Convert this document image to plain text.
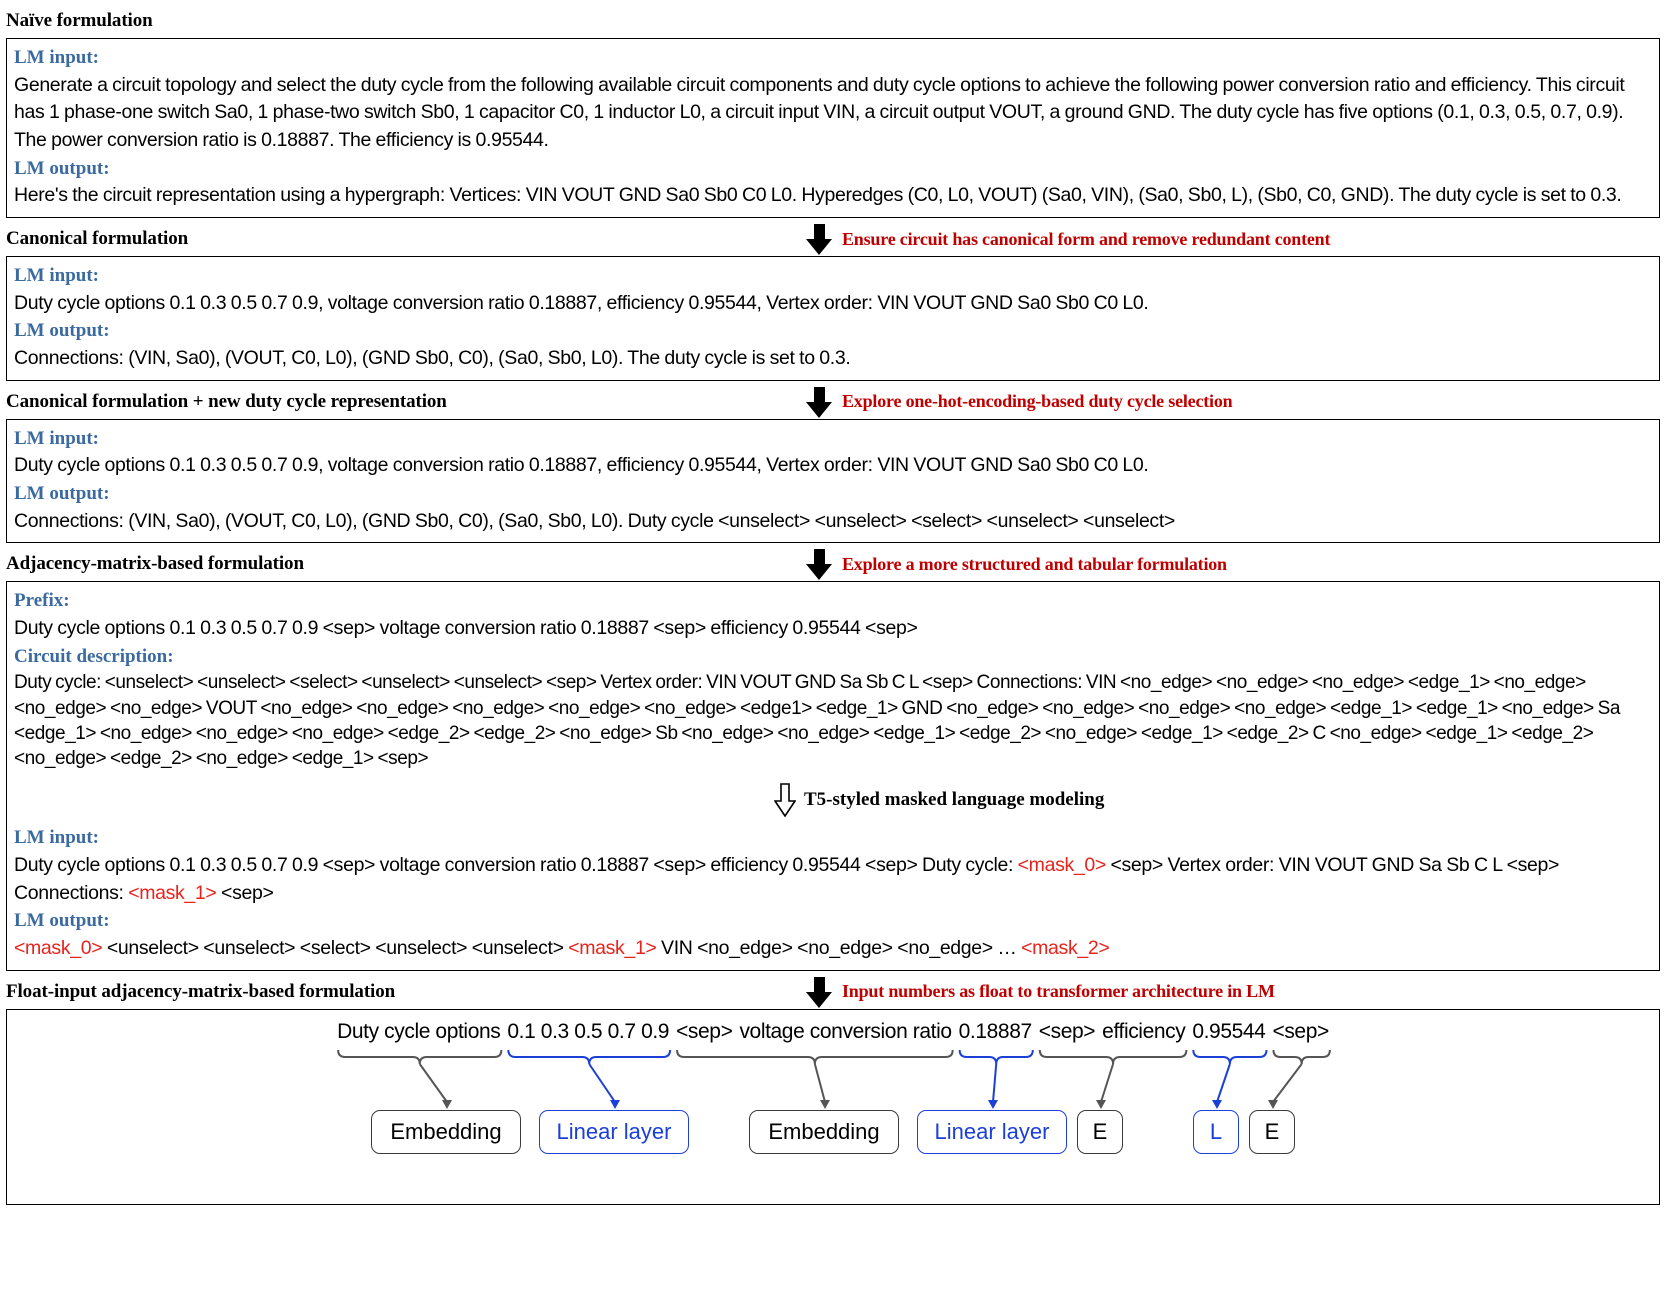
Naïve formulation
LM input:
Generate a circuit topology and select the duty cycle from the following available circuit components and duty cycle options to achieve the following power conversion ratio and efficiency. This circuit has 1 phase-one switch Sa0, 1 phase-two switch Sb0, 1 capacitor C0, 1 inductor L0, a circuit input VIN, a circuit output VOUT, a ground GND. The duty cycle has five options (0.1, 0.3, 0.5, 0.7, 0.9). The power conversion ratio is 0.18887. The efficiency is 0.95544.
LM output:
Here's the circuit representation using a hypergraph: Vertices: VIN VOUT GND Sa0 Sb0 C0 L0. Hyperedges (C0, L0, VOUT) (Sa0, VIN), (Sa0, Sb0, L), (Sb0, C0, GND). The duty cycle is set to 0.3.
Canonical formulation	Ensure circuit has canonical form and remove redundant content
LM input:
Duty cycle options 0.1 0.3 0.5 0.7 0.9, voltage conversion ratio 0.18887, efficiency 0.95544, Vertex order: VIN VOUT GND Sa0 Sb0 C0 L0.
LM output:
Connections: (VIN, Sa0), (VOUT, C0, L0), (GND Sb0, C0), (Sa0, Sb0, L0). The duty cycle is set to 0.3.
Canonical formulation + new duty cycle representation	Explore one-hot-encoding-based duty cycle selection
LM input:
Duty cycle options 0.1 0.3 0.5 0.7 0.9, voltage conversion ratio 0.18887, efficiency 0.95544, Vertex order: VIN VOUT GND Sa0 Sb0 C0 L0.
LM output:
Connections: (VIN, Sa0), (VOUT, C0, L0), (GND Sb0, C0), (Sa0, Sb0, L0). Duty cycle <unselect> <unselect> <select> <unselect> <unselect>
Adjacency-matrix-based formulation	Explore a more structured and tabular formulation
Prefix:
Duty cycle options 0.1 0.3 0.5 0.7 0.9 <sep> voltage conversion ratio 0.18887 <sep> efficiency 0.95544 <sep>
Circuit description:
Duty cycle: <unselect> <unselect> <select> <unselect> <unselect> <sep> Vertex order: VIN VOUT GND Sa Sb C L <sep> Connections: VIN <no_edge> <no_edge> <no_edge> <edge_1> <no_edge> <no_edge> <no_edge> VOUT <no_edge> <no_edge> <no_edge> <no_edge> <no_edge> <edge1> <edge_1> GND <no_edge> <no_edge> <no_edge> <no_edge> <edge_1> <edge_1> <no_edge> Sa <edge_1> <no_edge> <no_edge> <no_edge> <edge_2> <edge_2> <no_edge> Sb <no_edge> <no_edge> <edge_1> <edge_2> <no_edge> <edge_1> <edge_2> C <no_edge> <edge_1> <edge_2> <no_edge> <edge_2> <no_edge> <edge_1> <sep>
T5-styled masked language modeling
LM input:
Duty cycle options 0.1 0.3 0.5 0.7 0.9 <sep> voltage conversion ratio 0.18887 <sep> efficiency 0.95544 <sep> Duty cycle: <mask_0> <sep> Vertex order: VIN VOUT GND Sa Sb C L <sep> Connections: <mask_1> <sep>
LM output:
<mask_0> <unselect> <unselect> <select> <unselect> <unselect> <mask_1> VIN <no_edge> <no_edge> <no_edge> … <mask_2>
Float-input adjacency-matrix-based formulation	Input numbers as float to transformer architecture in LM
Duty cycle options 0.1 0.3 0.5 0.7 0.9 <sep> voltage conversion ratio 0.18887 <sep> efficiency 0.95544 <sep>
Embedding	Linear layer	Embedding	Linear layer	E	L	E
